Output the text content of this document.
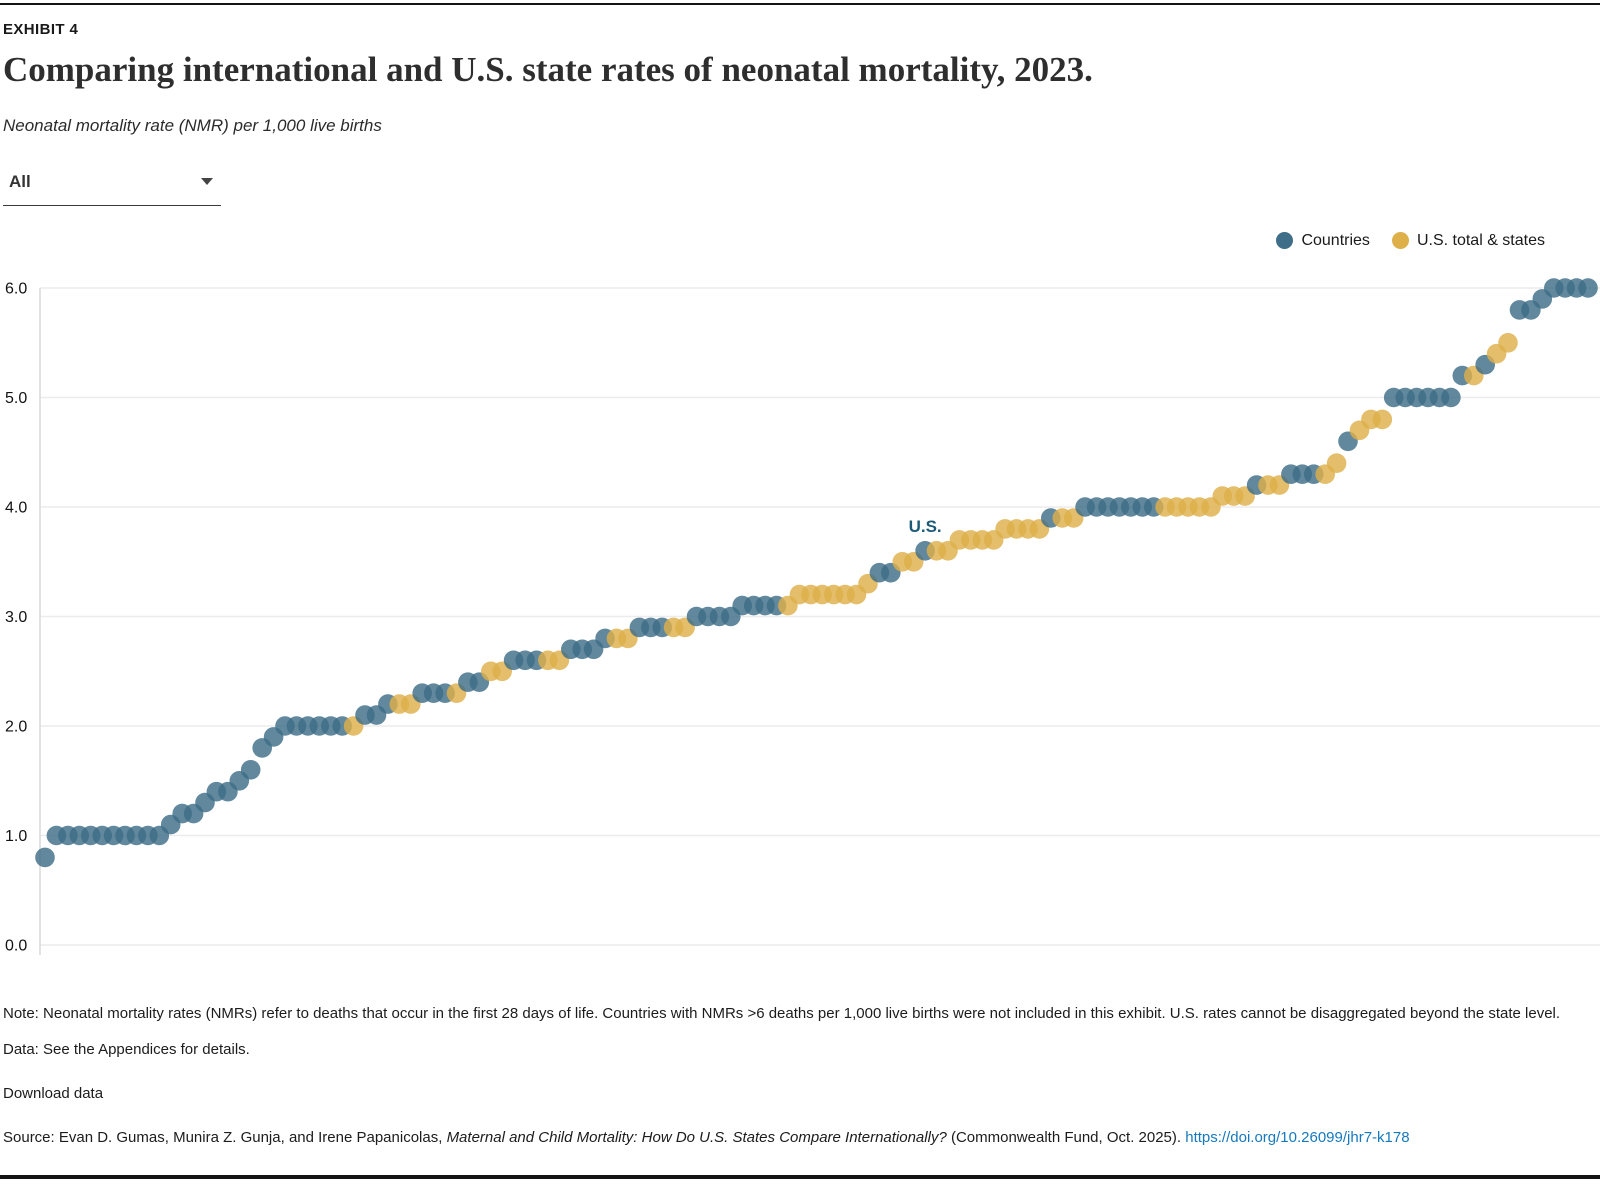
EXHIBIT 4
Comparing international and U.S. state rates of neonatal mortality, 2023.
Neonatal mortality rate (NMR) per 1,000 live births
All
Countries	U.S. total & states
0.0
1.0
2.0
3.0
4.0
5.0
6.0
U.S.
Note: Neonatal mortality rates (NMRs) refer to deaths that occur in the first 28 days of life. Countries with NMRs >6 deaths per 1,000 live births were not included in this exhibit. U.S. rates cannot be disaggregated beyond the state level.
Data: See the Appendices for details.
Download data
Source: Evan D. Gumas, Munira Z. Gunja, and Irene Papanicolas, Maternal and Child Mortality: How Do U.S. States Compare Internationally? (Commonwealth Fund, Oct. 2025). https://doi.org/10.26099/jhr7-k178
